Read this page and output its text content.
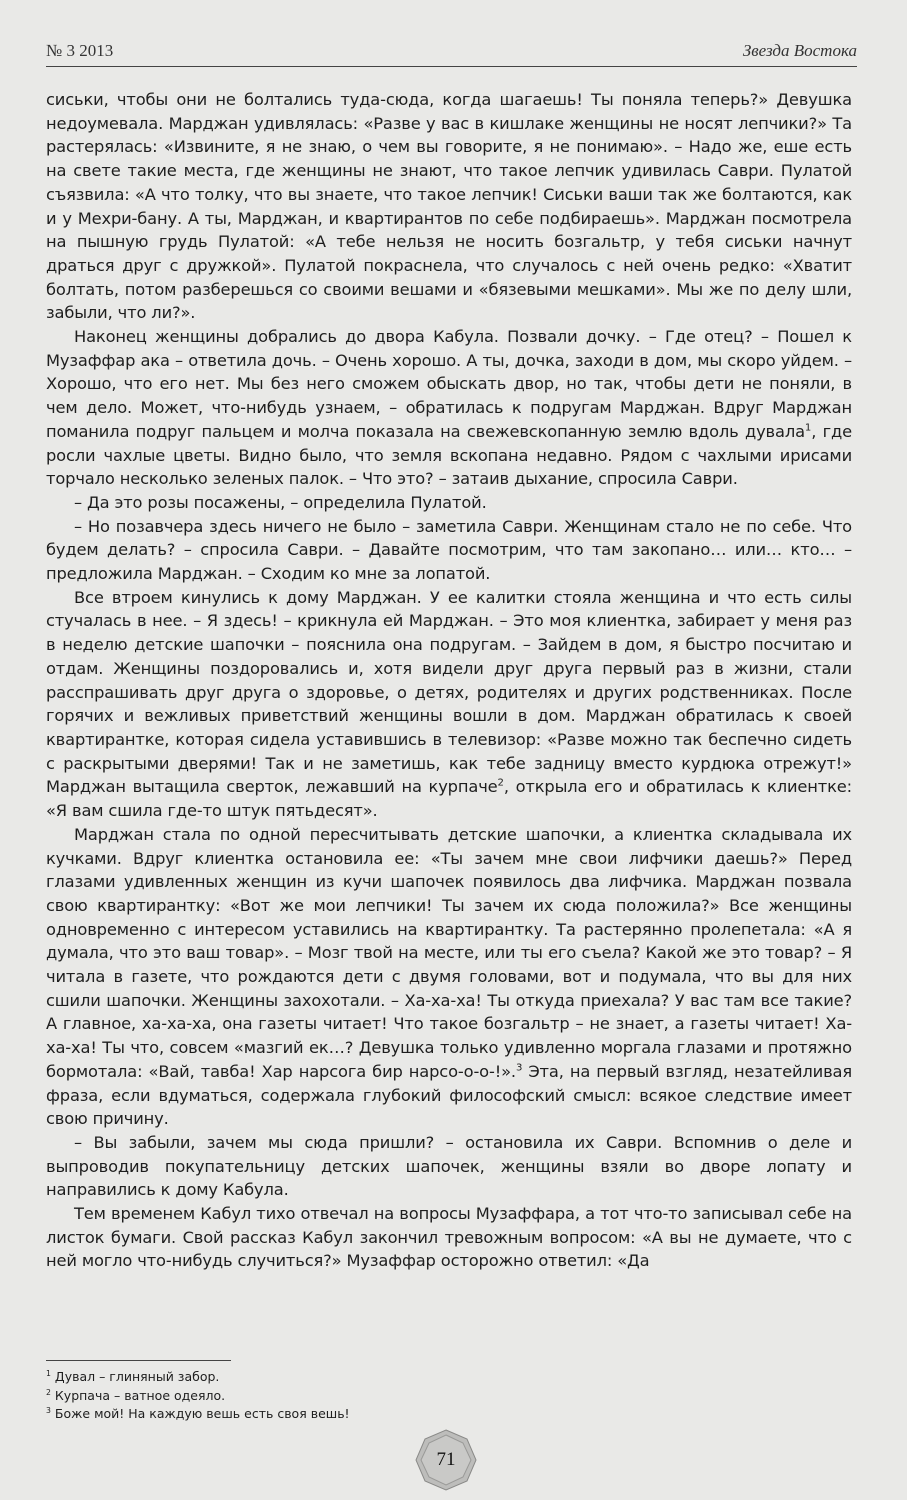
№ 3 2013	Звезда Востока

сиськи, чтобы они не болтались туда-сюда, когда шагаешь! Ты поняла теперь?» Девушка недоумевала. Марджан удивлялась: «Разве у вас в кишлаке женщины не носят лепчики?» Та растерялась: «Извините, я не знаю, о чем вы говорите, я не понимаю». – Надо же, еше есть на свете такие места, где женщины не знают, что такое лепчик удивилась Саври. Пулатой съязвила: «А что толку, что вы знаете, что такое лепчик! Сиськи ваши так же болтаются, как и у Мехри-бану. А ты, Марджан, и квартирантов по себе подбираешь». Марджан посмотрела на пышную грудь Пулатой: «А тебе нельзя не носить бозгальтр, у тебя сиськи начнут драться друг с дружкой». Пулатой покраснела, что случалось с ней очень редко: «Хватит болтать, потом разберешься со своими вешами и «бязевыми мешками». Мы же по делу шли, забыли, что ли?».

Наконец женщины добрались до двора Кабула. Позвали дочку. – Где отец? – Пошел к Музаффар ака – ответила дочь. – Очень хорошо. А ты, дочка, заходи в дом, мы скоро уйдем. – Хорошо, что его нет. Мы без него сможем обыскать двор, но так, чтобы дети не поняли, в чем дело. Может, что-нибудь узнаем, – обратилась к подругам Марджан. Вдруг Марджан поманила подруг пальцем и молча показала на свежевскопанную землю вдоль дувала$^1$, где росли чахлые цветы. Видно было, что земля вскопана недавно. Рядом с чахлыми ирисами торчало несколько зеленых палок. – Что это? – затаив дыхание, спросила Саври.

– Да это розы посажены, – определила Пулатой.

– Но позавчера здесь ничего не было – заметила Саври. Женщинам стало не по себе. Что будем делать? – спросила Саври. – Давайте посмотрим, что там закопано… или… кто… – предложила Марджан. – Сходим ко мне за лопатой.

Все втроем кинулись к дому Марджан. У ее калитки стояла женщина и что есть силы стучалась в нее. – Я здесь! – крикнула ей Марджан. – Это моя клиентка, забирает у меня раз в неделю детские шапочки – пояснила она подругам. – Зайдем в дом, я быстро посчитаю и отдам. Женщины поздоровались и, хотя видели друг друга первый раз в жизни, стали расспрашивать друг друга о здоровье, о детях, родителях и других родственниках. После горячих и вежливых приветствий женщины вошли в дом. Марджан обратилась к своей квартирантке, которая сидела уставившись в телевизор: «Разве можно так беспечно сидеть с раскрытыми дверями! Так и не заметишь, как тебе задницу вместо курдюка отрежут!» Марджан вытащила сверток, лежавший на курпаче$^2$, открыла его и обратилась к клиентке: «Я вам сшила где-то штук пятьдесят».

Марджан стала по одной пересчитывать детские шапочки, а клиентка складывала их кучками. Вдруг клиентка остановила ее: «Ты зачем мне свои лифчики даешь?» Перед глазами удивленных женщин из кучи шапочек появилось два лифчика. Марджан позвала свою квартирантку: «Вот же мои лепчики! Ты зачем их сюда положила?» Все женщины одновременно с интересом уставились на квартирантку. Та растерянно пролепетала: «А я думала, что это ваш товар». – Мозг твой на месте, или ты его съела? Какой же это товар? – Я читала в газете, что рождаются дети с двумя головами, вот и подумала, что вы для них сшили шапочки. Женщины захохотали. – Ха-ха-ха! Ты откуда приехала? У вас там все такие? А главное, ха-ха-ха, она газеты читает! Что такое бозгальтр – не знает, а газеты читает! Ха-ха-ха! Ты что, совсем «мазгий ек…? Девушка только удивленно моргала глазами и протяжно бормотала: «Вай, тавба! Хар нарсога бир нарсо-о-о-!».$^3$ Эта, на первый взгляд, незатейливая фраза, если вдуматься, содержала глубокий философский смысл: всякое следствие имеет свою причину.

– Вы забыли, зачем мы сюда пришли? – остановила их Саври. Вспомнив о деле и выпроводив покупательницу детских шапочек, женщины взяли во дворе лопату и направились к дому Кабула.

Тем временем Кабул тихо отвечал на вопросы Музаффара, а тот что-то записывал себе на листок бумаги. Свой рассказ Кабул закончил тревожным вопросом: «А вы не думаете, что с ней могло что-нибудь случиться?» Музаффар осторожно ответил: «Да

$^1$ Дувал – глиняный забор.
$^2$ Курпача – ватное одеяло.
$^3$ Боже мой! На каждую вешь есть своя вешь!
71
